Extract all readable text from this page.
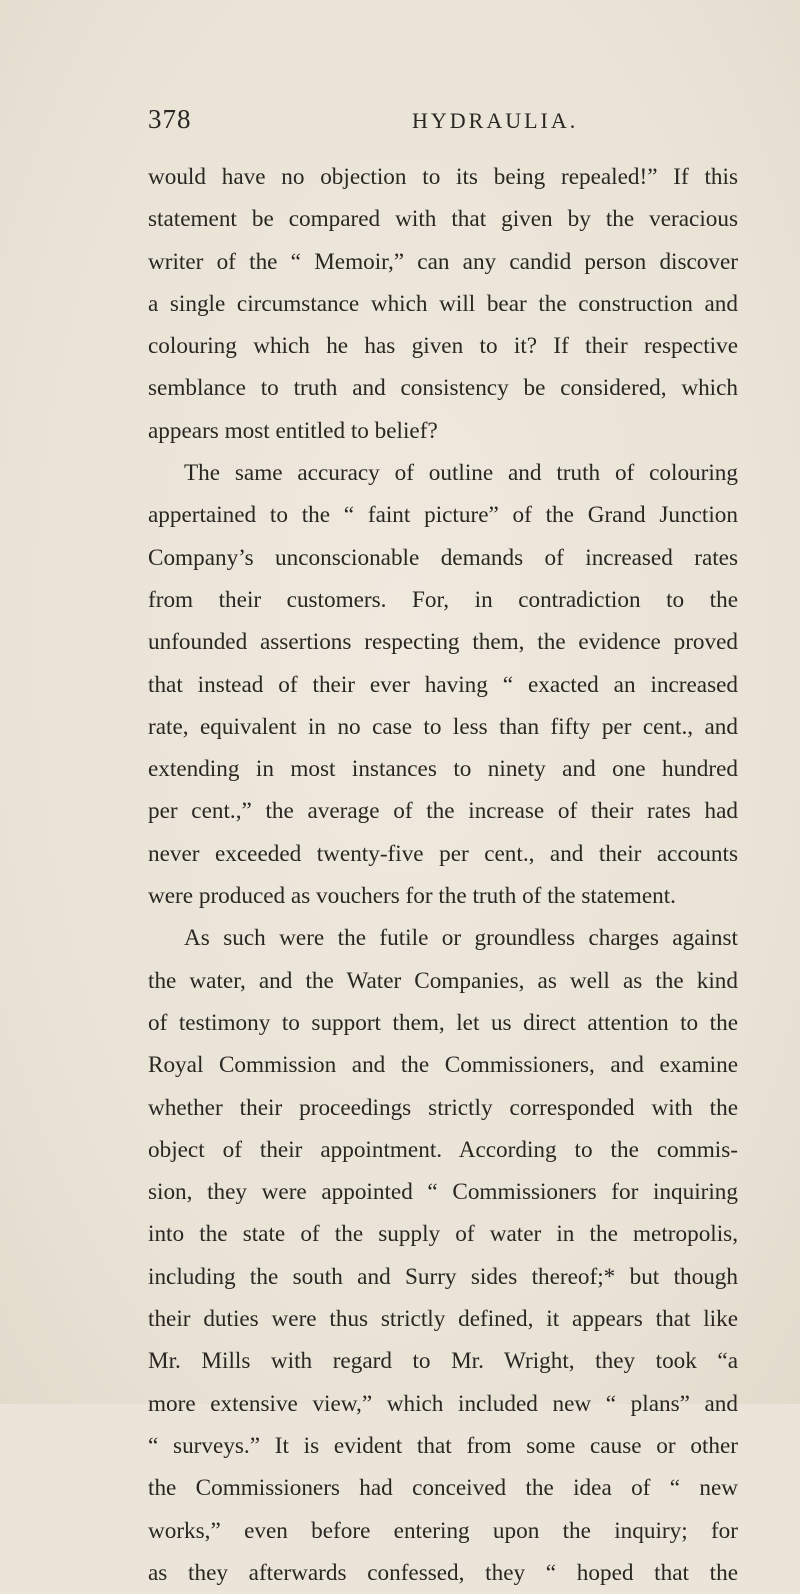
378	HYDRAULIA.
would have no objection to its being repealed!” If this
statement be compared with that given by the veracious
writer of the “ Memoir,” can any candid person discover
a single circumstance which will bear the construction and
colouring which he has given to it? If their respective
semblance to truth and consistency be considered, which
appears most entitled to belief?
The same accuracy of outline and truth of colouring
appertained to the “ faint picture” of the Grand Junction
Company’s unconscionable demands of increased rates
from their customers. For, in contradiction to the
unfounded assertions respecting them, the evidence proved
that instead of their ever having “ exacted an increased
rate, equivalent in no case to less than fifty per cent., and
extending in most instances to ninety and one hundred
per cent.,” the average of the increase of their rates had
never exceeded twenty-five per cent., and their accounts
were produced as vouchers for the truth of the statement.
As such were the futile or groundless charges against
the water, and the Water Companies, as well as the kind
of testimony to support them, let us direct attention to the
Royal Commission and the Commissioners, and examine
whether their proceedings strictly corresponded with the
object of their appointment. According to the commis-
sion, they were appointed “ Commissioners for inquiring
into the state of the supply of water in the metropolis,
including the south and Surry sides thereof;* but though
their duties were thus strictly defined, it appears that like
Mr. Mills with regard to Mr. Wright, they took “a
more extensive view,” which included new “ plans” and
“ surveys.” It is evident that from some cause or other
the Commissioners had conceived the idea of “ new
works,” even before entering upon the inquiry; for
as they afterwards confessed, they “ hoped that the
